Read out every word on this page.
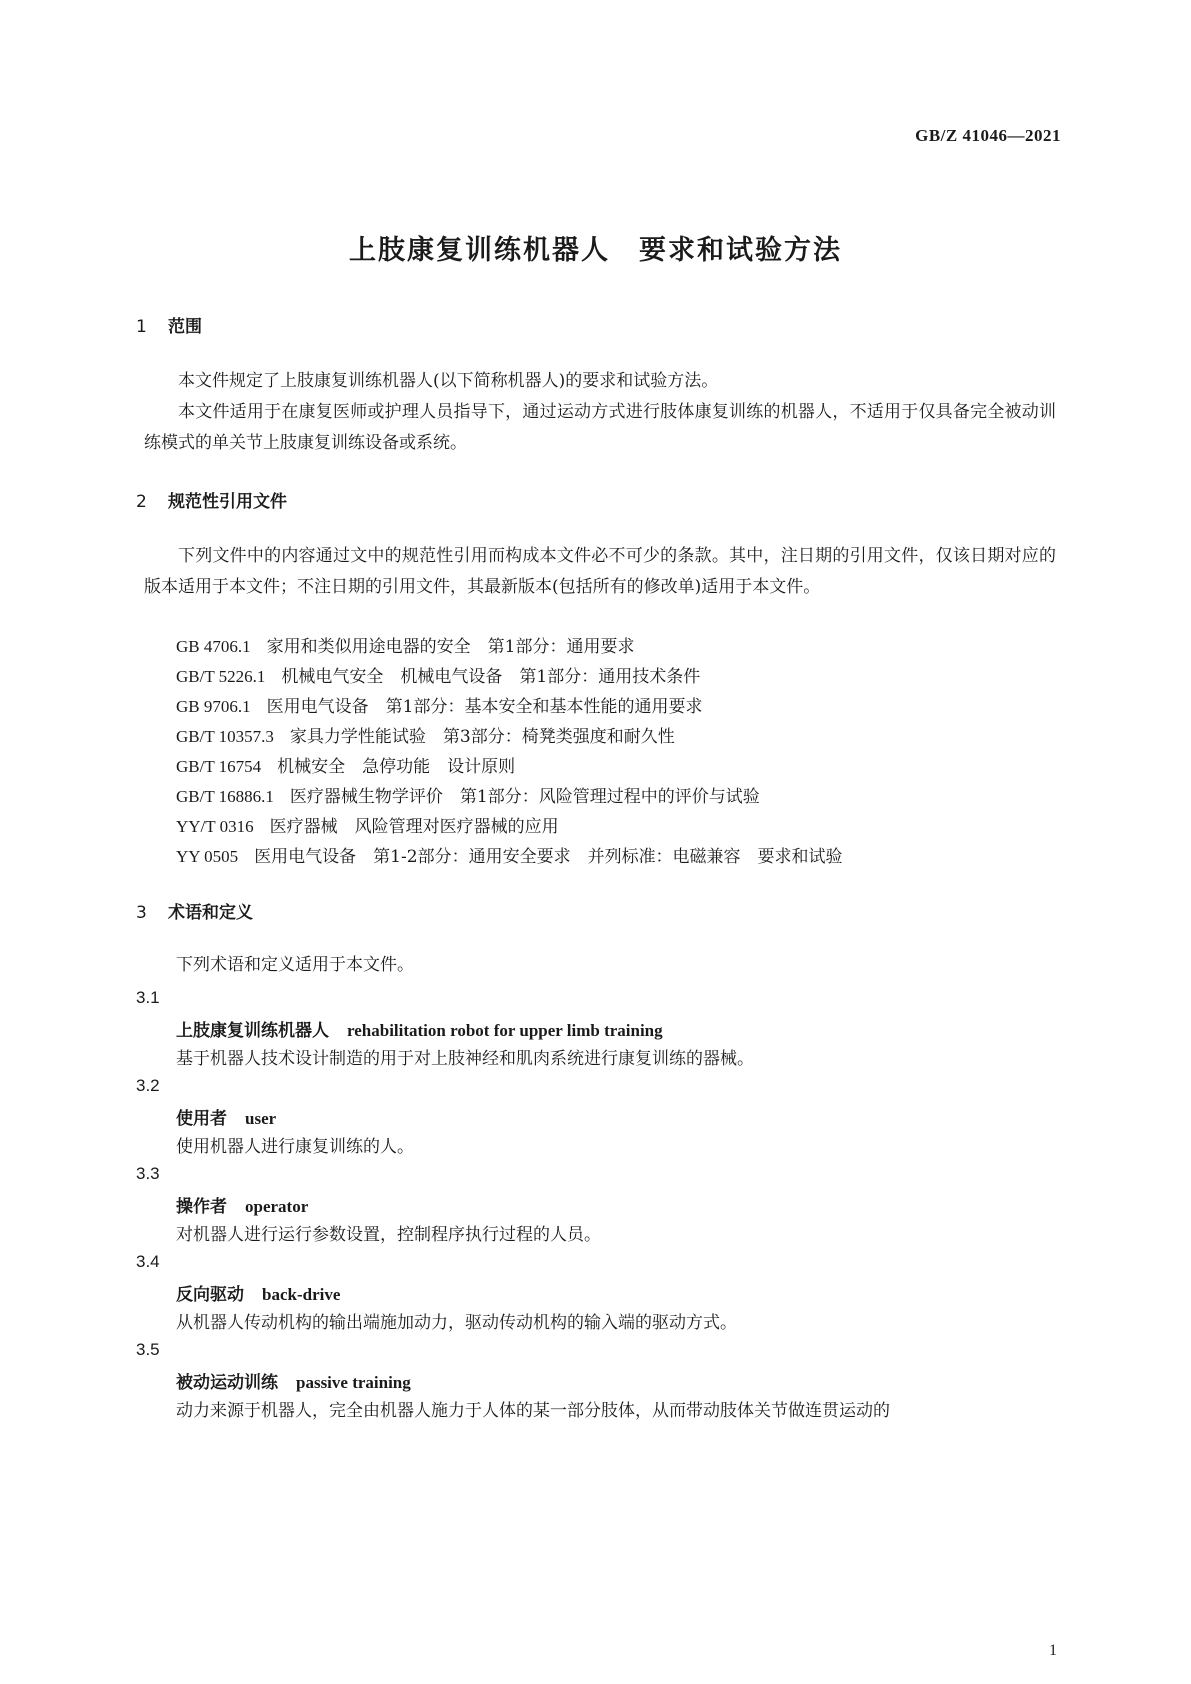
GB/Z 41046—2021
上肢康复训练机器人　要求和试验方法
1 范围
本文件规定了上肢康复训练机器人(以下简称机器人)的要求和试验方法。
本文件适用于在康复医师或护理人员指导下，通过运动方式进行肢体康复训练的机器人，不适用于仅具备完全被动训练模式的单关节上肢康复训练设备或系统。
2 规范性引用文件
下列文件中的内容通过文中的规范性引用而构成本文件必不可少的条款。其中，注日期的引用文件，仅该日期对应的版本适用于本文件；不注日期的引用文件，其最新版本(包括所有的修改单)适用于本文件。
GB 4706.1 家用和类似用途电器的安全　第1部分：通用要求
GB/T 5226.1 机械电气安全　机械电气设备　第1部分：通用技术条件
GB 9706.1 医用电气设备　第1部分：基本安全和基本性能的通用要求
GB/T 10357.3 家具力学性能试验　第3部分：椅凳类强度和耐久性
GB/T 16754 机械安全　急停功能　设计原则
GB/T 16886.1 医疗器械生物学评价　第1部分：风险管理过程中的评价与试验
YY/T 0316 医疗器械　风险管理对医疗器械的应用
YY 0505 医用电气设备　第1-2部分：通用安全要求　并列标准：电磁兼容　要求和试验
3 术语和定义
下列术语和定义适用于本文件。
3.1
上肢康复训练机器人 rehabilitation robot for upper limb training
基于机器人技术设计制造的用于对上肢神经和肌肉系统进行康复训练的器械。
3.2
使用者 user
使用机器人进行康复训练的人。
3.3
操作者 operator
对机器人进行运行参数设置，控制程序执行过程的人员。
3.4
反向驱动 back-drive
从机器人传动机构的输出端施加动力，驱动传动机构的输入端的驱动方式。
3.5
被动运动训练 passive training
动力来源于机器人，完全由机器人施力于人体的某一部分肢体，从而带动肢体关节做连贯运动的
1
